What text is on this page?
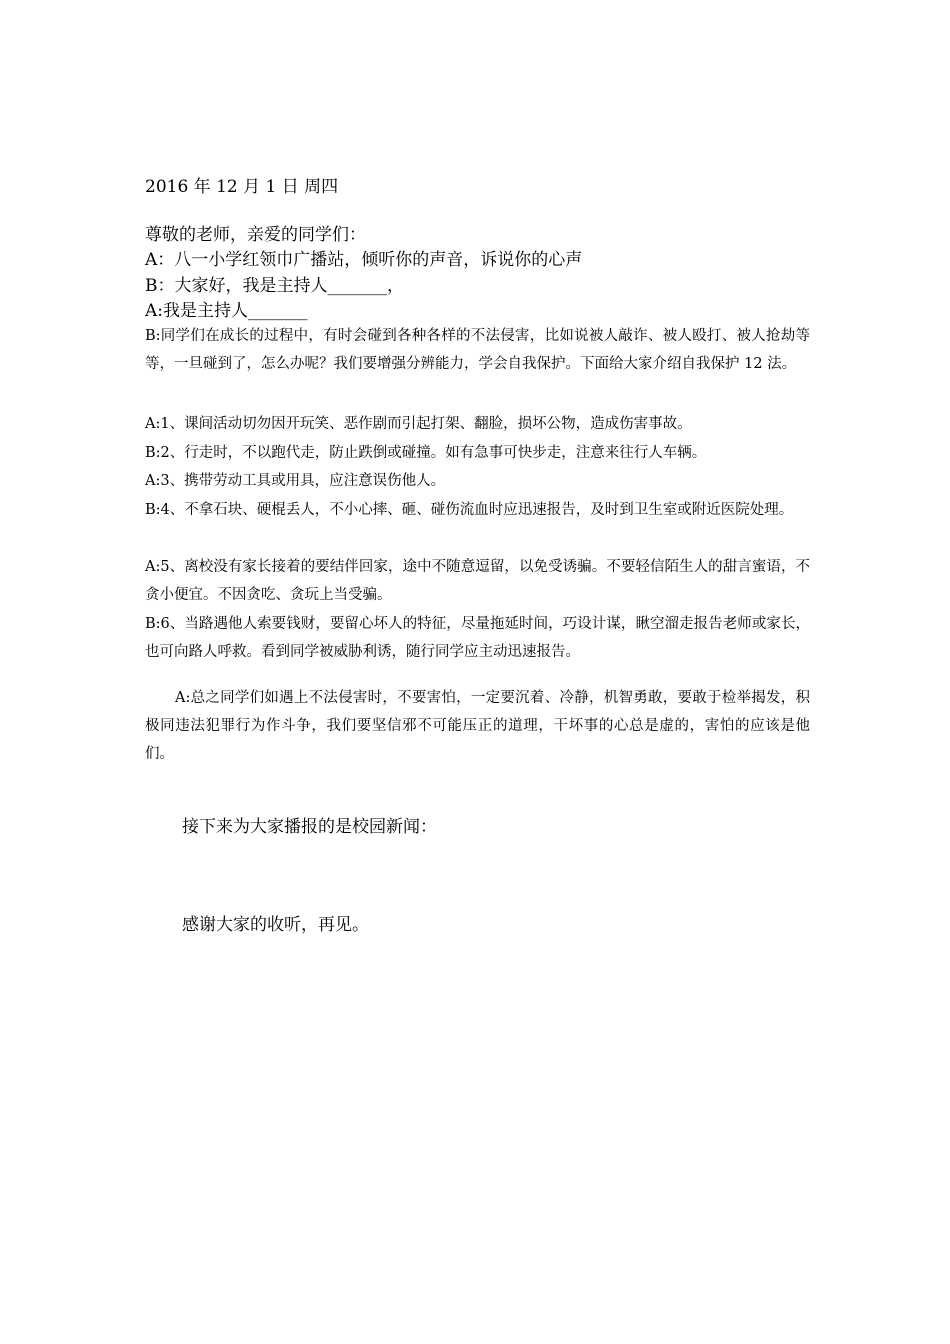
2016 年 12 月 1 日 周四

尊敬的老师，亲爱的同学们：

A：八一小学红领巾广播站，倾听你的声音，诉说你的心声

B：大家好，我是主持人_______，

A:我是主持人_______

B:同学们在成长的过程中，有时会碰到各种各样的不法侵害，比如说被人敲诈、被人殴打、被人抢劫等等，一旦碰到了，怎么办呢？我们要增强分辨能力，学会自我保护。下面给大家介绍自我保护 12 法。

A:1、课间活动切勿因开玩笑、恶作剧而引起打架、翻脸，损坏公物，造成伤害事故。

B:2、行走时，不以跑代走，防止跌倒或碰撞。如有急事可快步走，注意来往行人车辆。

A:3、携带劳动工具或用具，应注意误伤他人。

B:4、不拿石块、硬棍丢人，不小心摔、砸、碰伤流血时应迅速报告，及时到卫生室或附近医院处理。

A:5、离校没有家长接着的要结伴回家，途中不随意逗留，以免受诱骗。不要轻信陌生人的甜言蜜语，不贪小便宜。不因贪吃、贪玩上当受骗。

B:6、当路遇他人索要钱财，要留心坏人的特征，尽量拖延时间，巧设计谋，瞅空溜走报告老师或家长，也可向路人呼救。看到同学被威胁利诱，随行同学应主动迅速报告。

A:总之同学们如遇上不法侵害时，不要害怕，一定要沉着、冷静，机智勇敢，要敢于检举揭发，积极同违法犯罪行为作斗争，我们要坚信邪不可能压正的道理，干坏事的心总是虚的，害怕的应该是他们。

接下来为大家播报的是校园新闻：

感谢大家的收听，再见。
